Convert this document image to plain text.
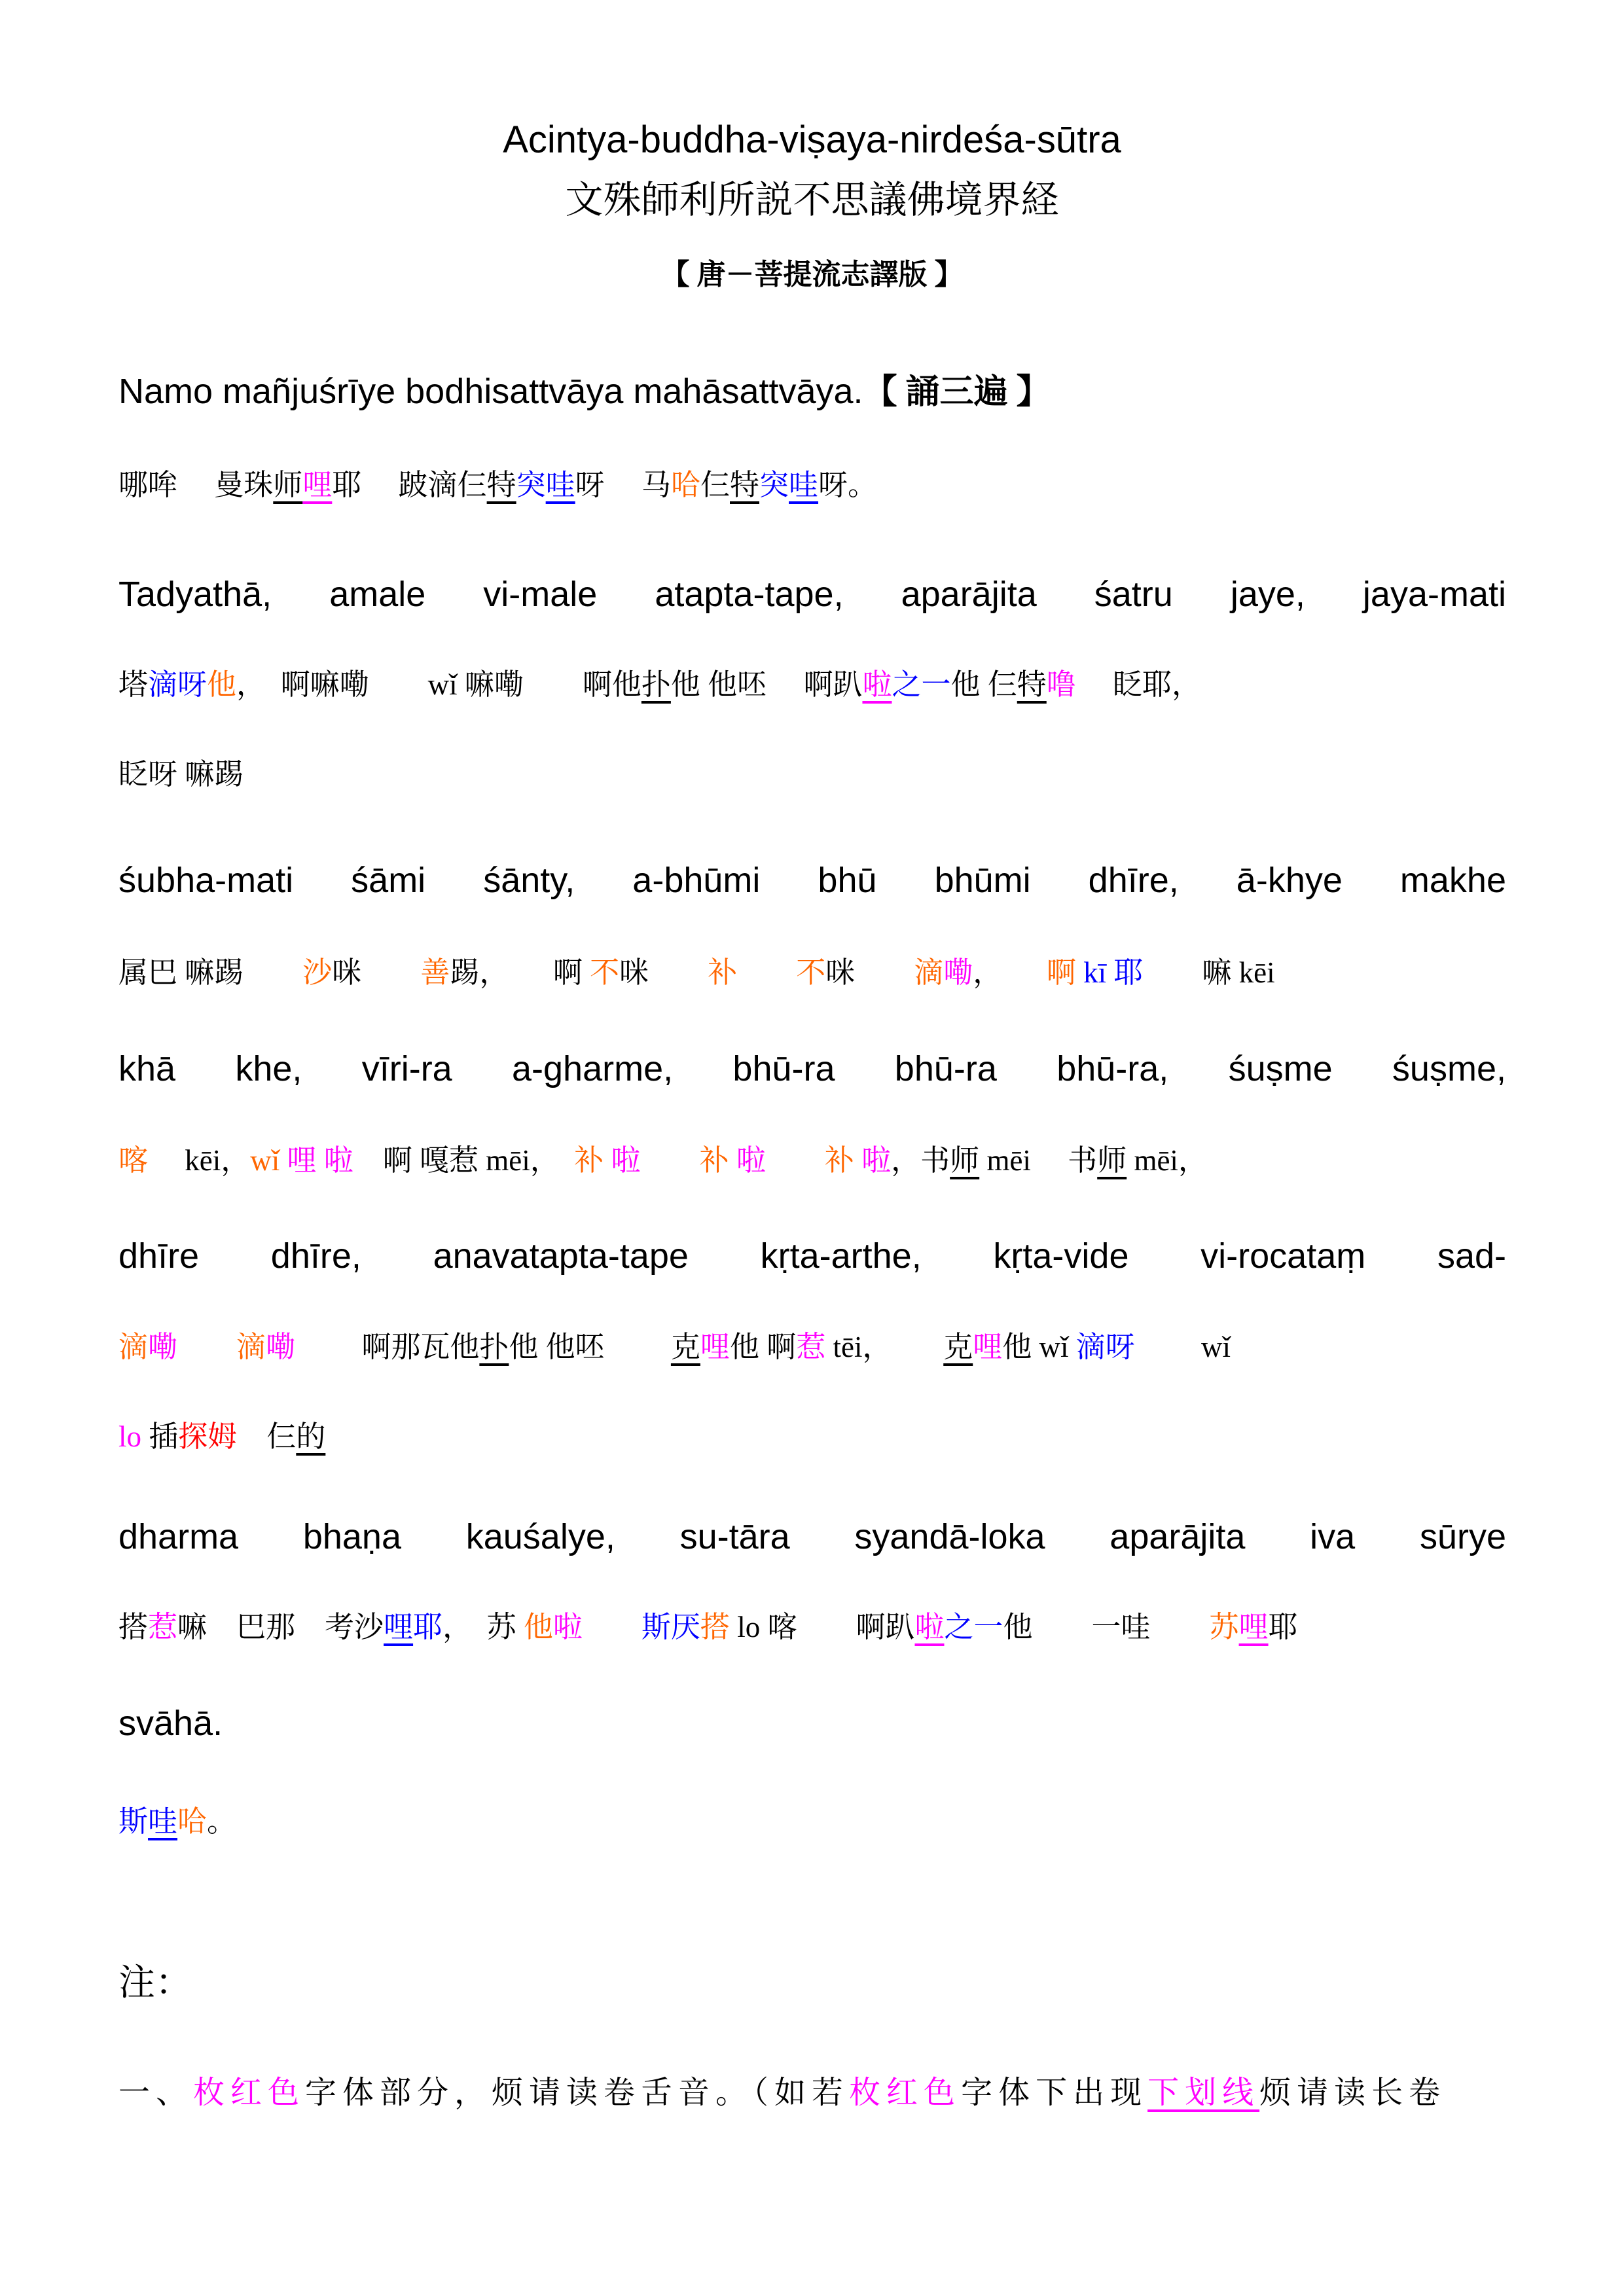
Acintya-buddha-viṣaya-nirdeśa-sūtra
文殊師利所説不思議佛境界経
【 唐－菩提流志譯版 】
Namo mañjuśrīye bodhisattvāya mahāsattvāya.【 誦三遍 】
哪哞　 曼珠师哩耶　 跛滴仨特突哇呀　 马哈仨特突哇呀。
Tadyathā, amale vi-male atapta-tape, aparājita śatru jaye, jaya-mati
塔滴呀他，　啊嘛嘞　　 wǐ 嘛嘞　　 啊他扑他 他呸　 啊趴啦之一他 仨特噜　 眨耶，
眨呀 嘛踢
śubha-mati śāmi śānty, a-bhūmi bhū bhūmi dhīre, ā-khye makhe
属巴 嘛踢　　 沙咪　　 善踢，　　 啊 不咪　　 补　　 不咪　　 滴嘞，　　 啊 kī 耶　　 嘛 kēi
khā khe, vīri-ra a-gharme, bhū-ra bhū-ra bhū-ra, śuṣme śuṣme,
喀　 kēi，wǐ 哩 啦　啊 嘎惹 mēi，　 补 啦　　 补 啦　　 补 啦，书师 mēi　 书师 mēi，
dhīre dhīre, anavatapta-tape kṛta-arthe, kṛta-vide vi-rocataṃ sad-
滴嘞　　 滴嘞　　 啊那瓦他扑他 他呸　　 克哩他 啊惹 tēi，　　 克哩他 wǐ 滴呀　　 wǐ
lo 插探姆　仨的
dharma bhaṇa kauśalye, su-tāra syandā-loka aparājita iva sūrye
搭惹嘛　巴那　考沙哩耶，　苏 他啦　　 斯厌搭 lo 喀　　啊趴啦之一他　　一哇　　 苏哩耶
svāhā.
斯哇哈。
注：
一、枚红色字体部分，烦请读卷舌音。（如若枚红色字体下出现下划线烦请读长卷
